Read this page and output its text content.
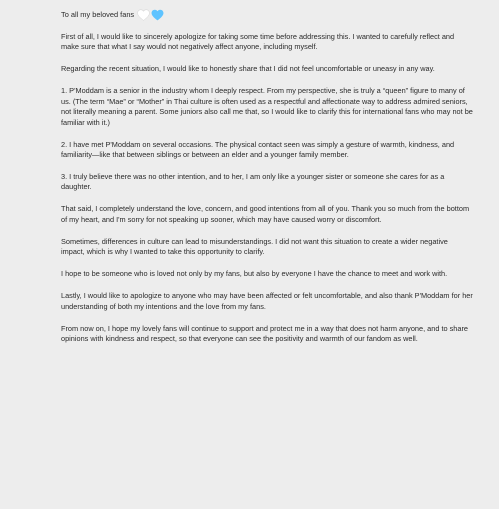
To all my beloved fans

First of all, I would like to sincerely apologize for taking some time before addressing this. I wanted to carefully reflect and make sure that what I say would not negatively affect anyone, including myself.

Regarding the recent situation, I would like to honestly share that I did not feel uncomfortable or uneasy in any way.

1. P'Moddam is a senior in the industry whom I deeply respect. From my perspective, she is truly a “queen” figure to many of us. (The term “Mae” or “Mother” in Thai culture is often used as a respectful and affectionate way to address admired seniors, not literally meaning a parent. Some juniors also call me that, so I would like to clarify this for international fans who may not be familiar with it.)

2. I have met P'Moddam on several occasions. The physical contact seen was simply a gesture of warmth, kindness, and familiarity—like that between siblings or between an elder and a younger family member.

3. I truly believe there was no other intention, and to her, I am only like a younger sister or someone she cares for as a daughter.

That said, I completely understand the love, concern, and good intentions from all of you. Thank you so much from the bottom of my heart, and I'm sorry for not speaking up sooner, which may have caused worry or discomfort.

Sometimes, differences in culture can lead to misunderstandings. I did not want this situation to create a wider negative impact, which is why I wanted to take this opportunity to clarify.

I hope to be someone who is loved not only by my fans, but also by everyone I have the chance to meet and work with.

Lastly, I would like to apologize to anyone who may have been affected or felt uncomfortable, and also thank P'Moddam for her understanding of both my intentions and the love from my fans.

From now on, I hope my lovely fans will continue to support and protect me in a way that does not harm anyone, and to share opinions with kindness and respect, so that everyone can see the positivity and warmth of our fandom as well.
